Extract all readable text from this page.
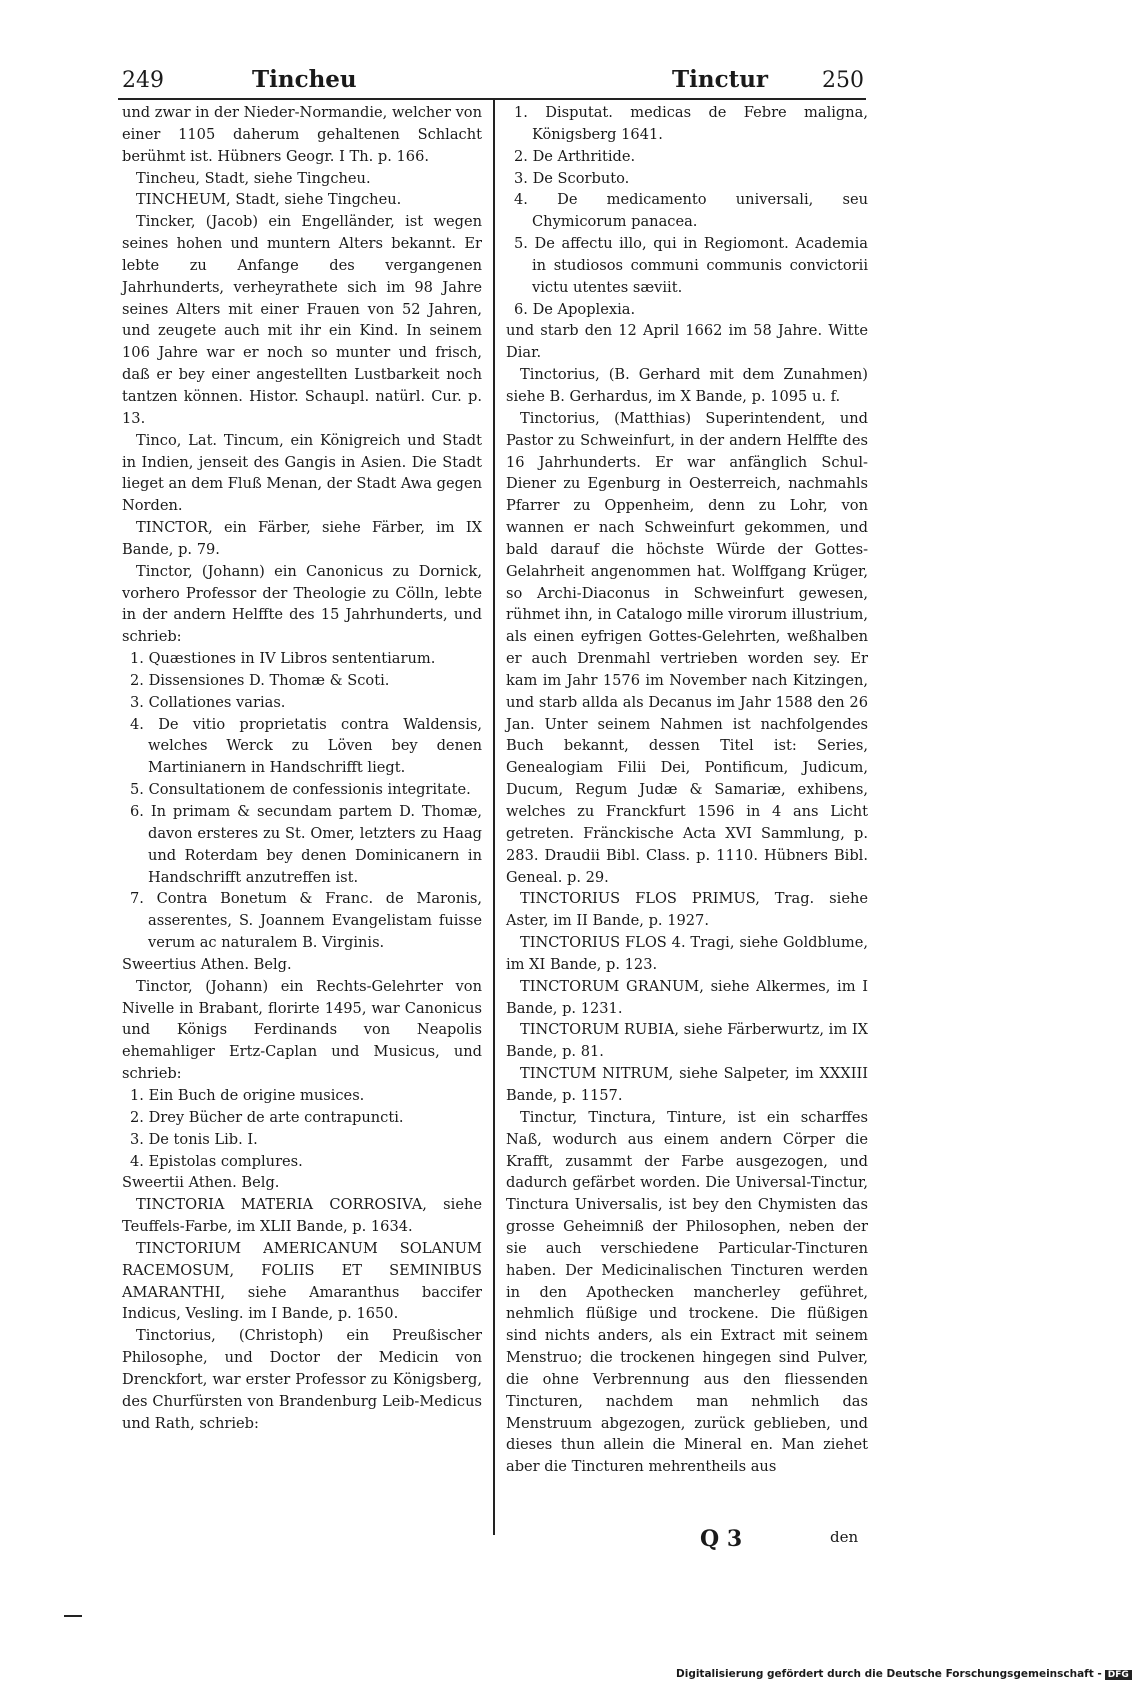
249	Tincheu	Tinctur 250

und zwar in der Nieder-Normandie, welcher von einer 1105 daherum gehaltenen Schlacht berühmt ist. Hübners Geogr. I Th. p. 166.

Tincheu, Stadt, siehe Tingcheu.

TINCHEUM, Stadt, siehe Tingcheu.

Tincker, (Jacob) ein Engelländer, ist wegen seines hohen und muntern Alters bekannt. Er lebte zu Anfange des vergangenen Jahrhunderts, verheyrathete sich im 98 Jahre seines Alters mit einer Frauen von 52 Jahren, und zeugete auch mit ihr ein Kind. In seinem 106 Jahre war er noch so munter und frisch, daß er bey einer angestellten Lustbarkeit noch tantzen können. Histor. Schaupl. natürl. Cur. p. 13.

Tinco, Lat. Tincum, ein Königreich und Stadt in Indien, jenseit des Gangis in Asien. Die Stadt lieget an dem Fluß Menan, der Stadt Awa gegen Norden.

TINCTOR, ein Färber, siehe Färber, im IX Bande, p. 79.

Tinctor, (Johann) ein Canonicus zu Dornick, vorhero Professor der Theologie zu Cölln, lebte in der andern Helffte des 15 Jahrhunderts, und schrieb:

1. Quæstiones in IV Libros sententiarum.
2. Dissensiones D. Thomæ & Scoti.
3. Collationes varias.
4. De vitio proprietatis contra Waldensis, welches Werck zu Löven bey denen Martinianern in Handschrifft liegt.
5. Consultationem de confessionis integritate.
6. In primam & secundam partem D. Thomæ, davon ersteres zu St. Omer, letzters zu Haag und Roterdam bey denen Dominicanern in Handschrifft anzutreffen ist.
7. Contra Bonetum & Franc. de Maronis, asserentes, S. Joannem Evangelistam fuisse verum ac naturalem B. Virginis.

Sweertius Athen. Belg.

Tinctor, (Johann) ein Rechts-Gelehrter von Nivelle in Brabant, florirte 1495, war Canonicus und Königs Ferdinands von Neapolis ehemahliger Ertz-Caplan und Musicus, und schrieb:

1. Ein Buch de origine musices.
2. Drey Bücher de arte contrapuncti.
3. De tonis Lib. I.
4. Epistolas complures.

Sweertii Athen. Belg.

TINCTORIA MATERIA CORROSIVA, siehe Teuffels-Farbe, im XLII Bande, p. 1634.

TINCTORIUM AMERICANUM SOLANUM RACEMOSUM, FOLIIS ET SEMINIBUS AMARANTHI, siehe Amaranthus baccifer Indicus, Vesling. im I Bande, p. 1650.

Tinctorius, (Christoph) ein Preußischer Philosophe, und Doctor der Medicin von Drenckfort, war erster Professor zu Königsberg, des Churfürsten von Brandenburg Leib-Medicus und Rath, schrieb:

1. Disputat. medicas de Febre maligna, Königsberg 1641.
2. De Arthritide.
3. De Scorbuto.
4. De medicamento universali, seu Chymicorum panacea.
5. De affectu illo, qui in Regiomont. Academia in studiosos communi communis convictorii victu utentes sæviit.
6. De Apoplexia.

und starb den 12 April 1662 im 58 Jahre. Witte Diar.

Tinctorius, (B. Gerhard mit dem Zunahmen) siehe B. Gerhardus, im X Bande, p. 1095 u. f.

Tinctorius, (Matthias) Superintendent, und Pastor zu Schweinfurt, in der andern Helffte des 16 Jahrhunderts. Er war anfänglich Schul-Diener zu Egenburg in Oesterreich, nachmahls Pfarrer zu Oppenheim, denn zu Lohr, von wannen er nach Schweinfurt gekommen, und bald darauf die höchste Würde der Gottes-Gelahrheit angenommen hat. Wolffgang Krüger, so Archi-Diaconus in Schweinfurt gewesen, rühmet ihn, in Catalogo mille virorum illustrium, als einen eyfrigen Gottes-Gelehrten, weßhalben er auch Drenmahl vertrieben worden sey. Er kam im Jahr 1576 im November nach Kitzingen, und starb allda als Decanus im Jahr 1588 den 26 Jan. Unter seinem Nahmen ist nachfolgendes Buch bekannt, dessen Titel ist: Series, Genealogiam Filii Dei, Pontificum, Judicum, Ducum, Regum Judæ & Samariæ, exhibens, welches zu Franckfurt 1596 in 4 ans Licht getreten. Fränckische Acta XVI Sammlung, p. 283. Draudii Bibl. Class. p. 1110. Hübners Bibl. Geneal. p. 29.

TINCTORIUS FLOS PRIMUS, Trag. siehe Aster, im II Bande, p. 1927.

TINCTORIUS FLOS 4. Tragi, siehe Goldblume, im XI Bande, p. 123.

TINCTORUM GRANUM, siehe Alkermes, im I Bande, p. 1231.

TINCTORUM RUBIA, siehe Färberwurtz, im IX Bande, p. 81.

TINCTUM NITRUM, siehe Salpeter, im XXXIII Bande, p. 1157.

Tinctur, Tinctura, Tinture, ist ein scharffes Naß, wodurch aus einem andern Cörper die Krafft, zusammt der Farbe ausgezogen, und dadurch gefärbet worden. Die Universal-Tinctur, Tinctura Universalis, ist bey den Chymisten das grosse Geheimniß der Philosophen, neben der sie auch verschiedene Particular-Tincturen haben. Der Medicinalischen Tincturen werden in den Apothecken mancherley geführet, nehmlich flüßige und trockene. Die flüßigen sind nichts anders, als ein Extract mit seinem Menstruo; die trockenen hingegen sind Pulver, die ohne Verbrennung aus den fliessenden Tincturen, nachdem man nehmlich das Menstruum abgezogen, zurück geblieben, und dieses thun allein die Mineral en. Man ziehet aber die Tincturen mehrentheils aus

Q 3	den
Digitalisierung gefördert durch die Deutsche Forschungsgemeinschaft - DFG
